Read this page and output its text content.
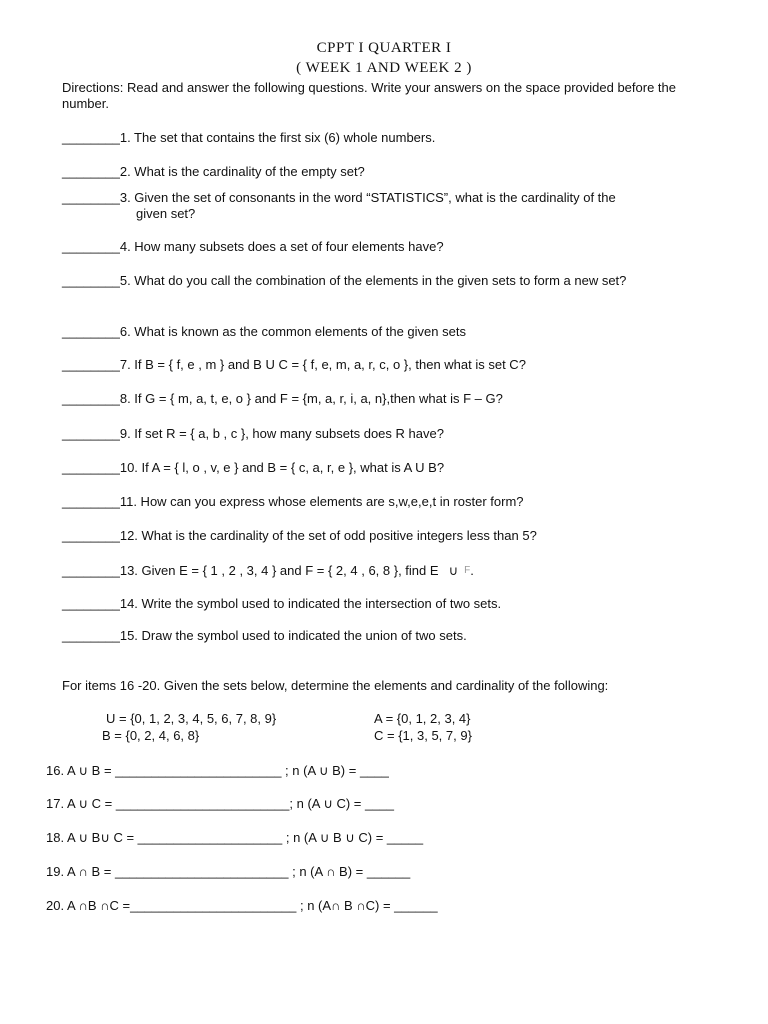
CPPT I QUARTER I
( WEEK 1 AND WEEK 2 )
Directions: Read and answer the following questions. Write your answers on the space provided before the number.
________1. The set that contains the first six (6) whole numbers.
________2. What is the cardinality of the empty set?
________3. Given the set of consonants in the word “STATISTICS”, what is the cardinality of the
given set?
________4. How many subsets does a set of four elements have?
________5. What do you call the combination of the elements in the given sets to form a new set?
________6. What is known as the common elements of the given sets
________7. If B = { f, e , m } and B U C = { f, e, m, a, r, c, o }, then what is set C?
________8. If G = { m, a, t, e, o } and F = {m, a, r, i, a, n},then what is F – G?
________9. If set R = { a, b , c }, how many subsets does R have?
________10. If A = { l, o , v, e } and B = { c, a, r, e }, what is A U B?
________11. How can you express whose elements are s,w,e,e,t in roster form?
________12. What is the cardinality of the set of odd positive integers less than 5?
________13. Given E = { 1 , 2 , 3, 4 } and F = { 2, 4 , 6, 8 }, find E ∪ $^F$.
________14. Write the symbol used to indicated the intersection of two sets.
________15. Draw the symbol used to indicated the union of two sets.
For items 16 -20. Given the sets below, determine the elements and cardinality of the following:
U = {0, 1, 2, 3, 4, 5, 6, 7, 8, 9}	A = {0, 1, 2, 3, 4}
B = {0, 2, 4, 6, 8}	C = {1, 3, 5, 7, 9}
16. A ∪ B = _______________________ ; n (A ∪ B) = ____
17. A ∪ C = ________________________; n (A ∪ C) = ____
18. A ∪ B∪ C = ____________________ ; n (A ∪ B ∪ C) = _____
19. A ∩ B = ________________________ ; n (A ∩ B) = ______
20. A ∩B ∩C =_______________________ ; n (A∩ B ∩C) = ______
